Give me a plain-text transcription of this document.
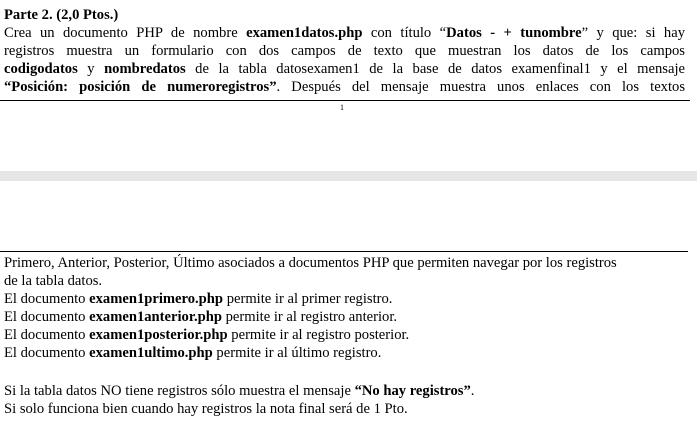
Parte 2. (2,0 Ptos.)
Crea un documento PHP de nombre examen1datos.php con título “Datos - + tunombre” y que: si hay
registros muestra un formulario con dos campos de texto que muestran los datos de los campos
codigodatos y nombredatos de la tabla datosexamen1 de la base de datos examenfinal1 y el mensaje
“Posición: posición de numeroregistros”. Después del mensaje muestra unos enlaces con los textos
1
Primero, Anterior, Posterior, Último asociados a documentos PHP que permiten navegar por los registros
de la tabla datos.
El documento examen1primero.php permite ir al primer registro.
El documento examen1anterior.php permite ir al registro anterior.
El documento examen1posterior.php permite ir al registro posterior.
El documento examen1ultimo.php permite ir al último registro.
Si la tabla datos NO tiene registros sólo muestra el mensaje “No hay registros”.
Si solo funciona bien cuando hay registros la nota final será de 1 Pto.
